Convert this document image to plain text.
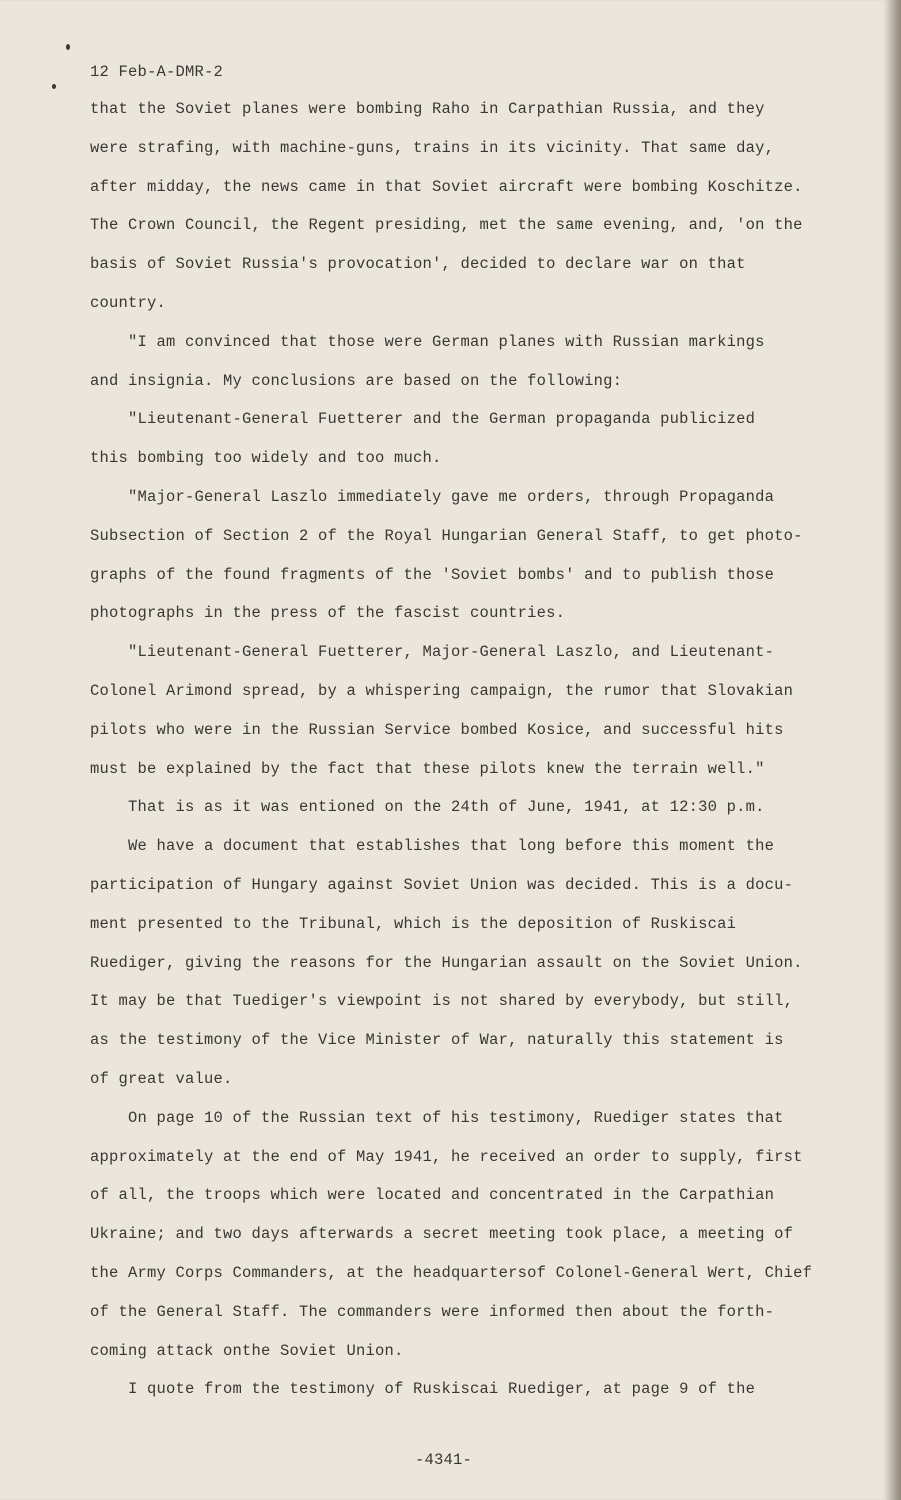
12 Feb-A-DMR-2
that the Soviet planes were bombing Raho in Carpathian Russia, and they
were strafing, with machine-guns, trains in its vicinity. That same day,
after midday, the news came in that Soviet aircraft were bombing Koschitze.
The Crown Council, the Regent presiding, met the same evening, and, 'on the
basis of Soviet Russia's provocation', decided to declare war on that
country.
"I am convinced that those were German planes with Russian markings
and insignia. My conclusions are based on the following:
"Lieutenant-General Fuetterer and the German propaganda publicized
this bombing too widely and too much.
"Major-General Laszlo immediately gave me orders, through Propaganda
Subsection of Section 2 of the Royal Hungarian General Staff, to get photo-
graphs of the found fragments of the 'Soviet bombs' and to publish those
photographs in the press of the fascist countries.
"Lieutenant-General Fuetterer, Major-General Laszlo, and Lieutenant-
Colonel Arimond spread, by a whispering campaign, the rumor that Slovakian
pilots who were in the Russian Service bombed Kosice, and successful hits
must be explained by the fact that these pilots knew the terrain well."
That is as it was entioned on the 24th of June, 1941, at 12:30 p.m.
We have a document that establishes that long before this moment the
participation of Hungary against Soviet Union was decided. This is a docu-
ment presented to the Tribunal, which is the deposition of Ruskiscai
Ruediger, giving the reasons for the Hungarian assault on the Soviet Union.
It may be that Tuediger's viewpoint is not shared by everybody, but still,
as the testimony of the Vice Minister of War, naturally this statement is
of great value.
On page 10 of the Russian text of his testimony, Ruediger states that
approximately at the end of May 1941, he received an order to supply, first
of all, the troops which were located and concentrated in the Carpathian
Ukraine; and two days afterwards a secret meeting took place, a meeting of
the Army Corps Commanders, at the headquartersof Colonel-General Wert, Chief
of the General Staff. The commanders were informed then about the forth-
coming attack onthe Soviet Union.
I quote from the testimony of Ruskiscai Ruediger, at page 9 of the
-4341-
